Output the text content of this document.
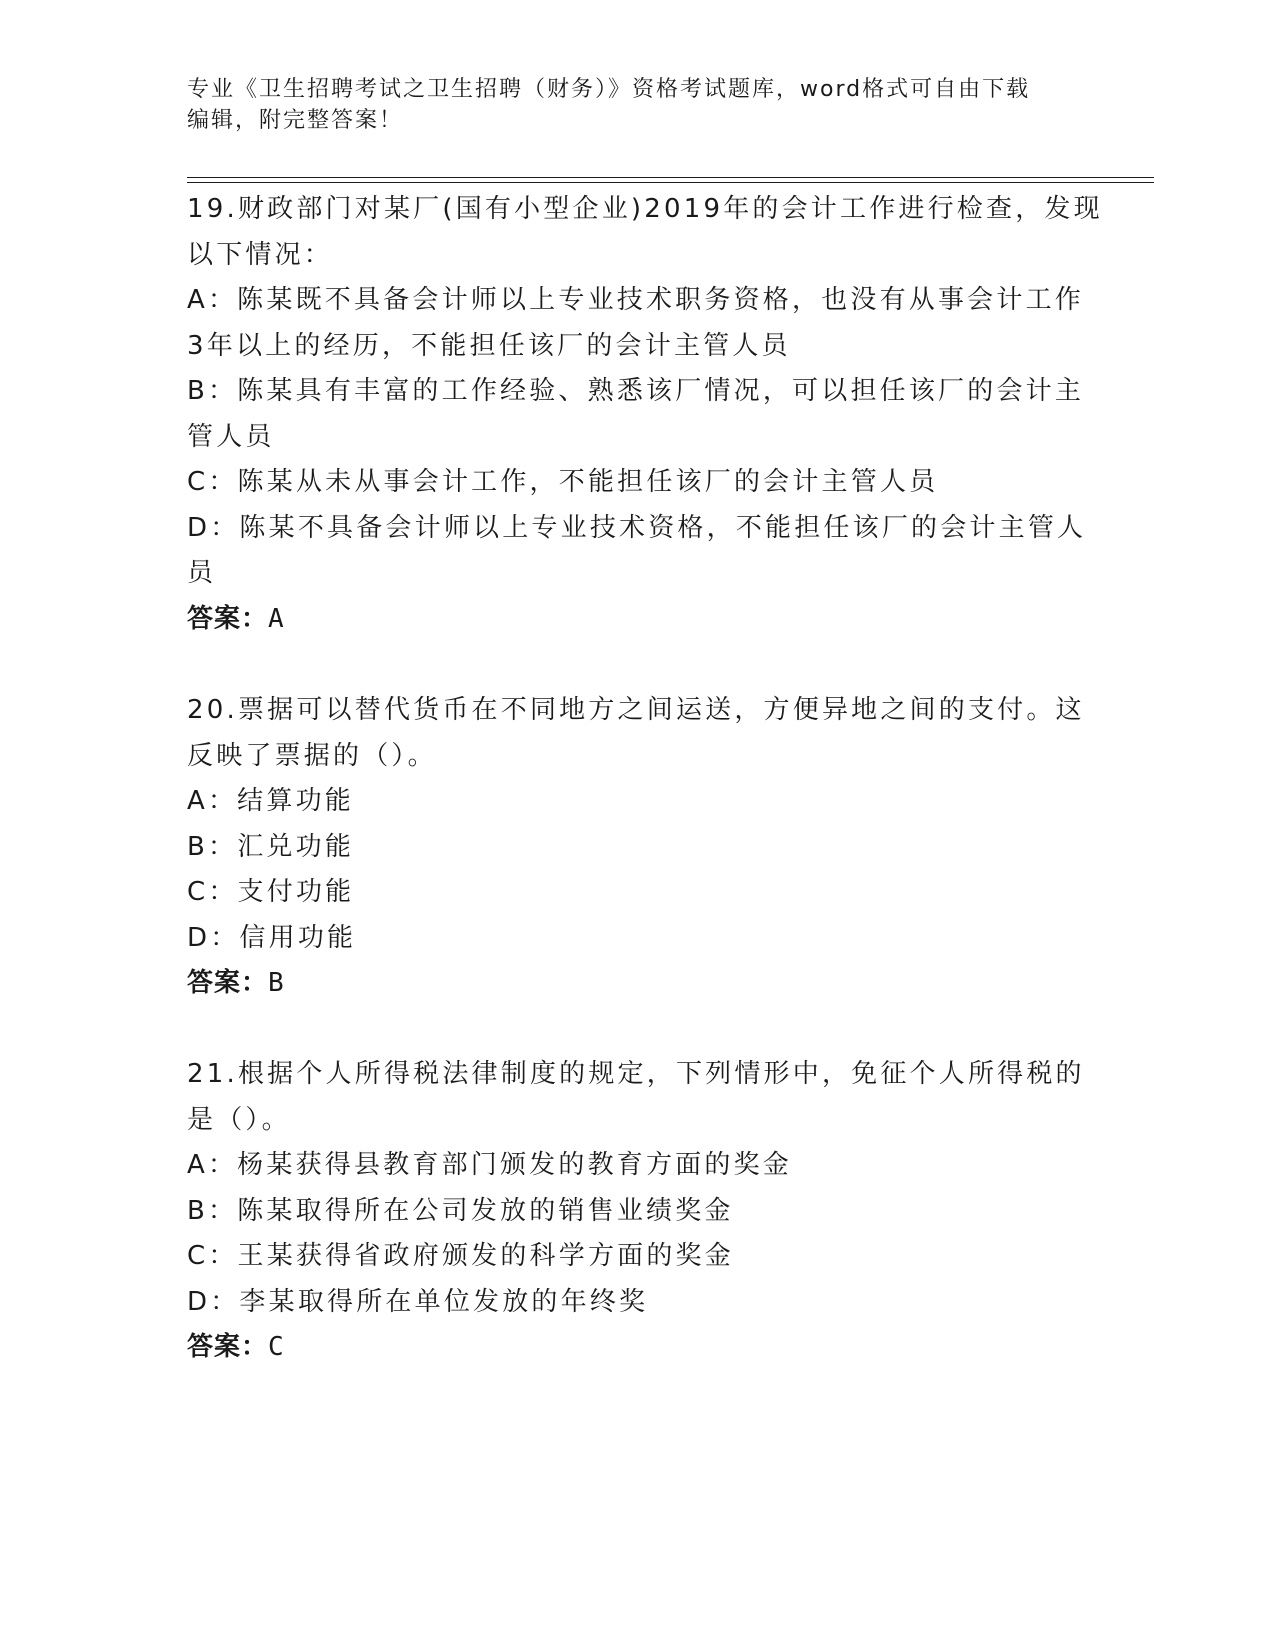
专业《卫生招聘考试之卫生招聘（财务）》资格考试题库，word格式可自由下载
编辑，附完整答案！
19.财政部门对某厂(国有小型企业)2019年的会计工作进行检查，发现
以下情况：
A：陈某既不具备会计师以上专业技术职务资格，也没有从事会计工作
3年以上的经历，不能担任该厂的会计主管人员
B：陈某具有丰富的工作经验、熟悉该厂情况，可以担任该厂的会计主
管人员
C：陈某从未从事会计工作，不能担任该厂的会计主管人员
D：陈某不具备会计师以上专业技术资格，不能担任该厂的会计主管人
员
答案：A
20.票据可以替代货币在不同地方之间运送，方便异地之间的支付。这
反映了票据的（）。
A：结算功能
B：汇兑功能
C：支付功能
D：信用功能
答案：B
21.根据个人所得税法律制度的规定，下列情形中，免征个人所得税的
是（）。
A：杨某获得县教育部门颁发的教育方面的奖金
B：陈某取得所在公司发放的销售业绩奖金
C：王某获得省政府颁发的科学方面的奖金
D：李某取得所在单位发放的年终奖
答案：C
